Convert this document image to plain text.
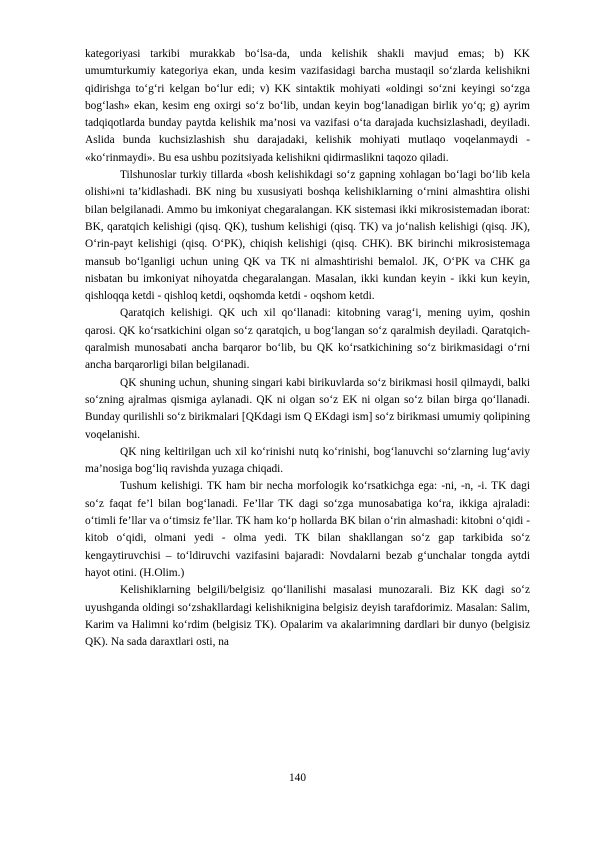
kategoriyasi tarkibi murakkab bo‘lsa-da, unda kelishik shakli mavjud emas; b) KK umumturkumiy kategoriya ekan, unda kesim vazifasidagi barcha mustaqil so‘zlarda kelishikni qidirishga to‘g‘ri kelgan bo‘lur edi; v) KK sintaktik mohiyati «oldingi so‘zni keyingi so‘zga bog‘lash» ekan, kesim eng oxirgi so‘z bo‘lib, undan keyin bog‘lanadigan birlik yo‘q; g) ayrim tadqiqotlarda bunday paytda kelishik ma’nosi va vazifasi o‘ta darajada kuchsizlashadi, deyiladi. Aslida bunda kuchsizlashish shu darajadaki, kelishik mohiyati mutlaqo voqelanmaydi - «ko‘rinmaydi». Bu esa ushbu pozitsiyada kelishikni qidirmaslikni taqozo qiladi.

Tilshunoslar turkiy tillarda «bosh kelishikdagi so‘z gapning xohlagan bo‘lagi bo‘lib kela olishi»ni ta’kidlashadi. BK ning bu xususiyati boshqa kelishiklarning o‘rnini almashtira olishi bilan belgilanadi. Ammo bu imkoniyat chegaralangan. KK sistemasi ikki mikrosistemadan iborat: BK, qaratqich kelishigi (qisq. QK), tushum kelishigi (qisq. TK) va jo‘nalish kelishigi (qisq. JK), O‘rin-payt kelishigi (qisq. O‘PK), chiqish kelishigi (qisq. CHK). BK birinchi mikrosistemaga mansub bo‘lganligi uchun uning QK va TK ni almashtirishi bemalol. JK, O‘PK va CHK ga nisbatan bu imkoniyat nihoyatda chegaralangan. Masalan, ikki kundan keyin - ikki kun keyin, qishloqqa ketdi - qishloq ketdi, oqshomda ketdi - oqshom ketdi.

Qaratqich kelishigi. QK uch xil qo‘llanadi: kitobning varag‘i, mening uyim, qoshin qarosi. QK ko‘rsatkichini olgan so‘z qaratqich, u bog‘langan so‘z qaralmish deyiladi. Qaratqich-qaralmish munosabati ancha barqaror bo‘lib, bu QK ko‘rsatkichining so‘z birikmasidagi o‘rni ancha barqarorligi bilan belgilanadi.

QK shuning uchun, shuning singari kabi birikuvlarda so‘z birikmasi hosil qilmaydi, balki so‘zning ajralmas qismiga aylanadi. QK ni olgan so‘z EK ni olgan so‘z bilan birga qo‘llanadi. Bunday qurilishli so‘z birikmalari [QKdagi ism Q EKdagi ism] so‘z birikmasi umumiy qolipining voqelanishi.

QK ning keltirilgan uch xil ko‘rinishi nutq ko‘rinishi, bog‘lanuvchi so‘zlarning lug‘aviy ma’nosiga bog‘liq ravishda yuzaga chiqadi.

Tushum kelishigi. TK ham bir necha morfologik ko‘rsatkichga ega: -ni, -n, -i. TK dagi so‘z faqat fe’l bilan bog‘lanadi. Fe’llar TK dagi so‘zga munosabatiga ko‘ra, ikkiga ajraladi: o‘timli fe’llar va o‘timsiz fe’llar. TK ham ko‘p hollarda BK bilan o‘rin almashadi: kitobni o‘qidi - kitob o‘qidi, olmani yedi - olma yedi. TK bilan shakllangan so‘z gap tarkibida so‘z kengaytiruvchisi – to‘ldiruvchi vazifasini bajaradi: Novdalarni bezab g‘unchalar tongda aytdi hayot otini. (H.Olim.)

Kelishiklarning belgili/belgisiz qo‘llanilishi masalasi munozarali. Biz KK dagi so‘z uyushganda oldingi so‘zshakllardagi kelishiknigina belgisiz deyish tarafdorimiz. Masalan: Salim, Karim va Halimni ko‘rdim (belgisiz TK). Opalarim va akalarimning dardlari bir dunyo (belgisiz QK). Na sada daraxtlari osti, na

140
